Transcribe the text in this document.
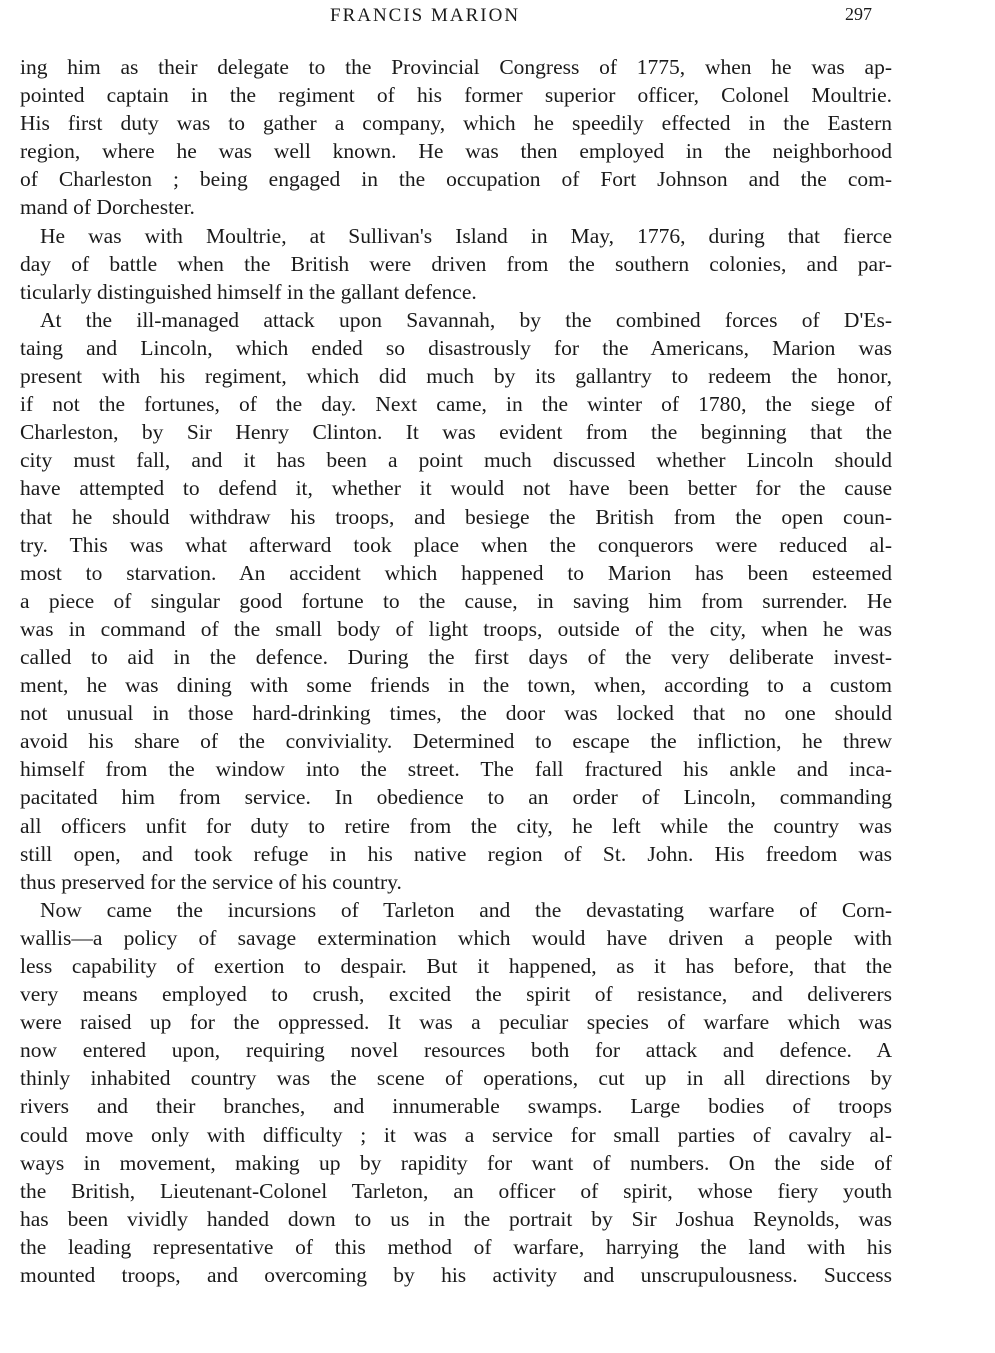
FRANCIS MARION	297
ing him as their delegate to the Provincial Congress of 1775, when he was ap-
pointed captain in the regiment of his former superior officer, Colonel Moultrie.
His first duty was to gather a company, which he speedily effected in the Eastern
region, where he was well known. He was then employed in the neighborhood
of Charleston ; being engaged in the occupation of Fort Johnson and the com-
mand of Dorchester.
He was with Moultrie, at Sullivan's Island in May, 1776, during that fierce
day of battle when the British were driven from the southern colonies, and par-
ticularly distinguished himself in the gallant defence.
At the ill-managed attack upon Savannah, by the combined forces of D'Es-
taing and Lincoln, which ended so disastrously for the Americans, Marion was
present with his regiment, which did much by its gallantry to redeem the honor,
if not the fortunes, of the day. Next came, in the winter of 1780, the siege of
Charleston, by Sir Henry Clinton. It was evident from the beginning that the
city must fall, and it has been a point much discussed whether Lincoln should
have attempted to defend it, whether it would not have been better for the cause
that he should withdraw his troops, and besiege the British from the open coun-
try. This was what afterward took place when the conquerors were reduced al-
most to starvation. An accident which happened to Marion has been esteemed
a piece of singular good fortune to the cause, in saving him from surrender. He
was in command of the small body of light troops, outside of the city, when he was
called to aid in the defence. During the first days of the very deliberate invest-
ment, he was dining with some friends in the town, when, according to a custom
not unusual in those hard-drinking times, the door was locked that no one should
avoid his share of the conviviality. Determined to escape the infliction, he threw
himself from the window into the street. The fall fractured his ankle and inca-
pacitated him from service. In obedience to an order of Lincoln, commanding
all officers unfit for duty to retire from the city, he left while the country was
still open, and took refuge in his native region of St. John. His freedom was
thus preserved for the service of his country.
Now came the incursions of Tarleton and the devastating warfare of Corn-
wallis—a policy of savage extermination which would have driven a people with
less capability of exertion to despair. But it happened, as it has before, that the
very means employed to crush, excited the spirit of resistance, and deliverers
were raised up for the oppressed. It was a peculiar species of warfare which was
now entered upon, requiring novel resources both for attack and defence. A
thinly inhabited country was the scene of operations, cut up in all directions by
rivers and their branches, and innumerable swamps. Large bodies of troops
could move only with difficulty ; it was a service for small parties of cavalry al-
ways in movement, making up by rapidity for want of numbers. On the side of
the British, Lieutenant-Colonel Tarleton, an officer of spirit, whose fiery youth
has been vividly handed down to us in the portrait by Sir Joshua Reynolds, was
the leading representative of this method of warfare, harrying the land with his
mounted troops, and overcoming by his activity and unscrupulousness. Success
